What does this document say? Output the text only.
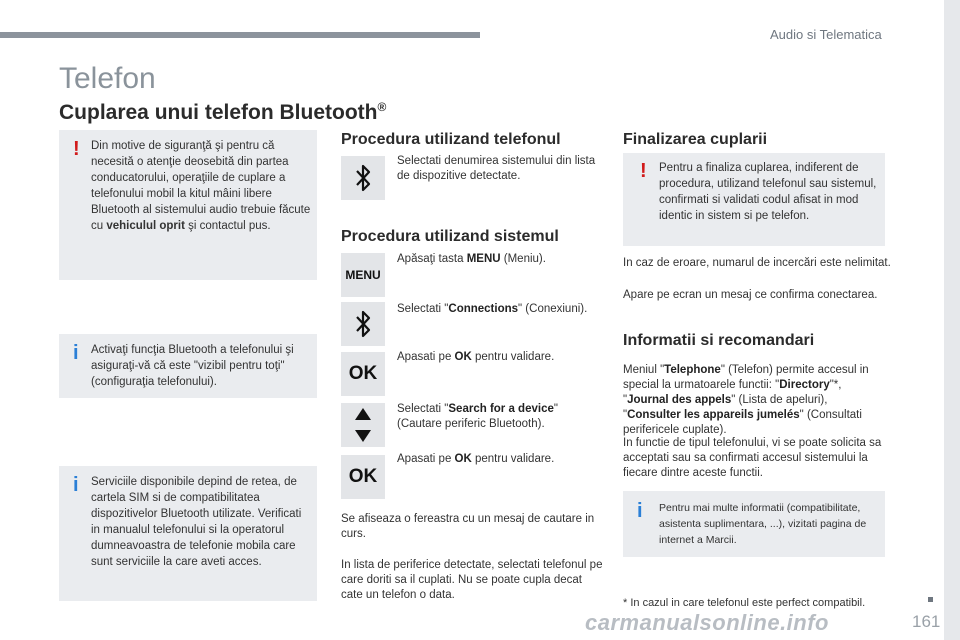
Audio si Telematica
Telefon
Cuplarea unui telefon Bluetooth®
! Din motive de siguranţă şi pentru că necesită o atenţie deosebită din partea conducatorului, operaţiile de cuplare a telefonului mobil la kitul mâini libere Bluetooth al sistemului audio trebuie făcute cu vehiculul oprit şi contactul pus.

i Activaţi funcţia Bluetooth a telefonului şi asiguraţi-vă că este "vizibil pentru toţi" (configuraţia telefonului).

i Serviciile disponibile depind de retea, de cartela SIM si de compatibilitatea dispozitivelor Bluetooth utilizate. Verificati in manualul telefonului si la operatorul dumneavoastra de telefonie mobila care sunt serviciile la care aveti acces.

Procedura utilizand telefonul
Selectati denumirea sistemului din lista de dispozitive detectate.
Procedura utilizand sistemul
MENU
Apăsaţi tasta MENU (Meniu).
Selectati "Connections" (Conexiuni).
OK
Apasati pe OK pentru validare.
Selectati "Search for a device" (Cautare periferic Bluetooth).
OK
Apasati pe OK pentru validare.
Se afiseaza o fereastra cu un mesaj de cautare in curs.
In lista de periferice detectate, selectati telefonul pe care doriti sa il cuplati. Nu se poate cupla decat cate un telefon o data.
Finalizarea cuplarii
! Pentru a finaliza cuplarea, indiferent de procedura, utilizand telefonul sau sistemul, confirmati si validati codul afisat in mod identic in sistem si pe telefon.

In caz de eroare, numarul de incercări este nelimitat.
Apare pe ecran un mesaj ce confirma conectarea.
Informatii si recomandari
Meniul "Telephone" (Telefon) permite accesul in special la urmatoarele functii: "Directory"*, "Journal des appels" (Lista de apeluri), "Consulter les appareils jumelés" (Consultati perifericele cuplate).
In functie de tipul telefonului, vi se poate solicita sa acceptati sau sa confirmati accesul sistemului la fiecare dintre aceste functii.
i Pentru mai multe informatii (compatibilitate, asistenta suplimentara, ...), vizitati pagina de internet a Marcii.

* In cazul in care telefonul este perfect compatibil.
carmanualsonline.info	161
